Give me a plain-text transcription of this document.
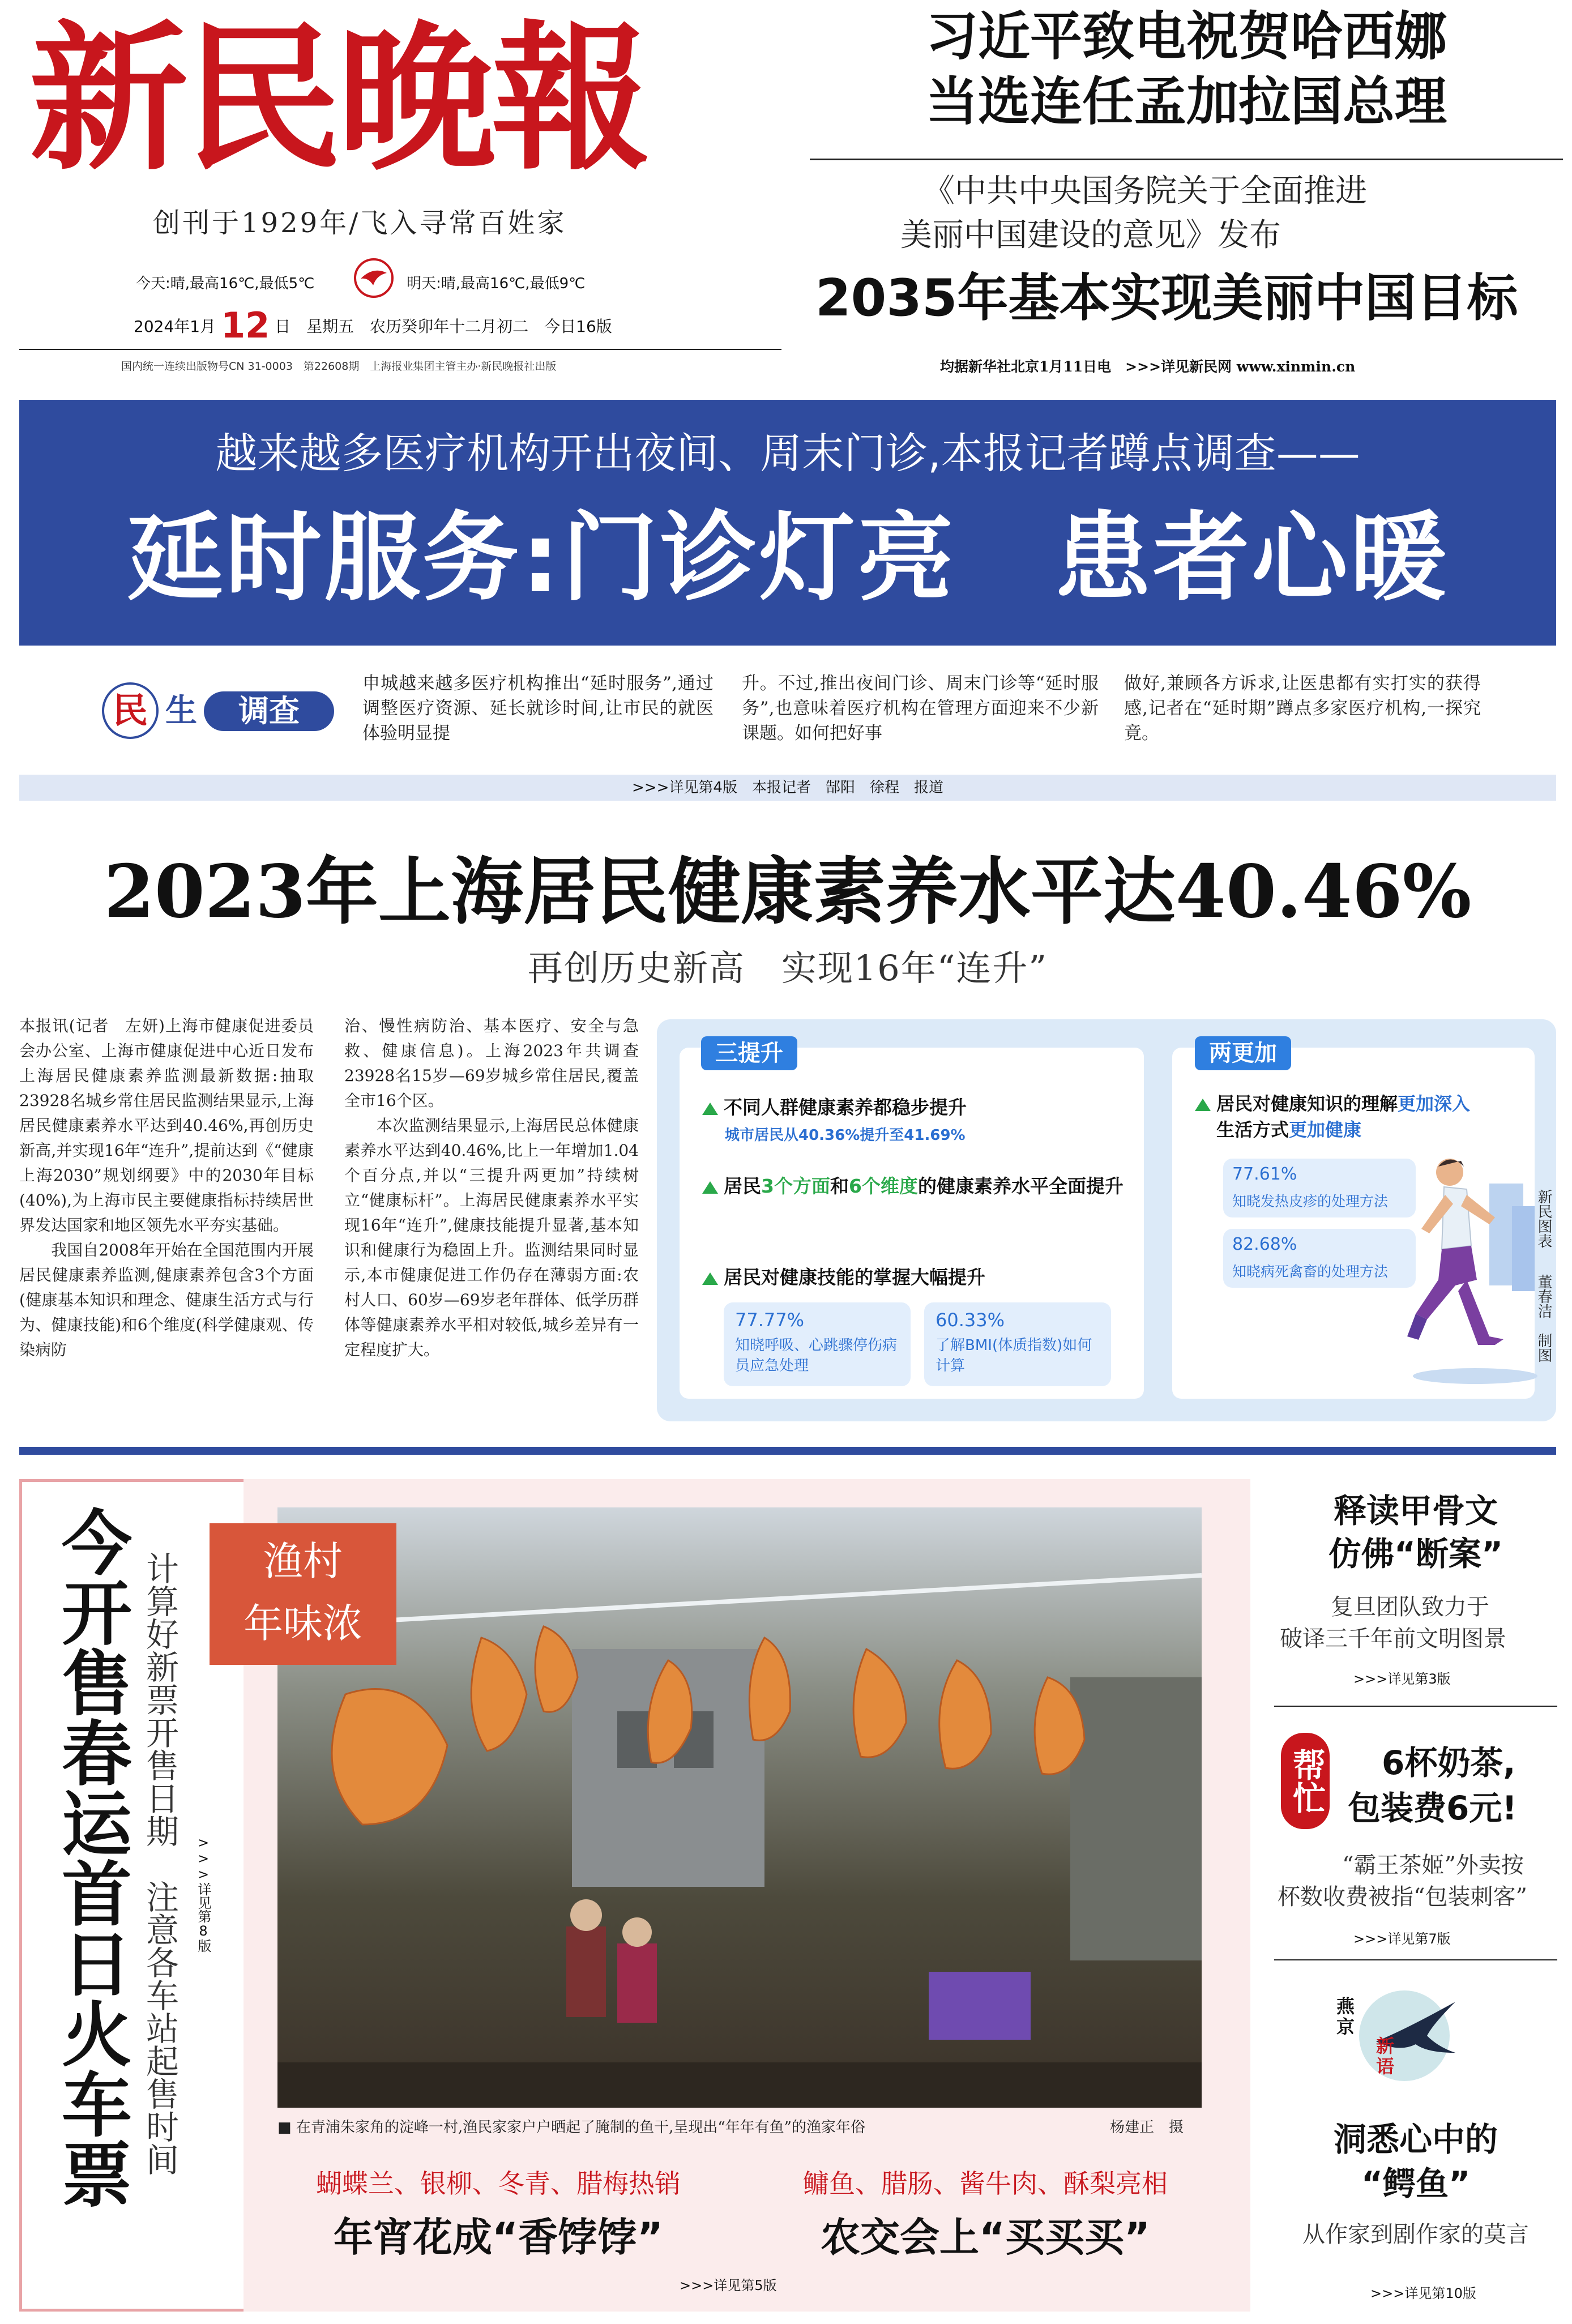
新民晚報
创刊于1929年/飞入寻常百姓家
今天:晴,最高16℃,最低5℃	明天:晴,最高16℃,最低9℃
2024年1月 12 日　星期五　农历癸卯年十二月初二　今日16版
国内统一连续出版物号CN 31-0003　第22608期　上海报业集团主管主办·新民晚报社出版
习近平致电祝贺哈西娜
当选连任孟加拉国总理
《中共中央国务院关于全面推进
美丽中国建设的意见》发布
2035年基本实现美丽中国目标
均据新华社北京1月11日电　>>>详见新民网 www.xinmin.cn
越来越多医疗机构开出夜间、周末门诊,本报记者蹲点调查——
延时服务:门诊灯亮　患者心暖
民 生	调查
申城越来越多医疗机构推出“延时服务”,通过调整医疗资源、延长就诊时间,让市民的就医体验明显提
升。不过,推出夜间门诊、周末门诊等“延时服务”,也意味着医疗机构在管理方面迎来不少新课题。如何把好事
做好,兼顾各方诉求,让医患都有实打实的获得感,记者在“延时期”蹲点多家医疗机构,一探究竟。
>>>详见第4版　本报记者　郜阳　徐程　报道
2023年上海居民健康素养水平达40.46%
再创历史新高　实现16年“连升”
本报讯(记者　左妍)上海市健康促进委员会办公室、上海市健康促进中心近日发布上海居民健康素养监测最新数据:抽取23928名城乡常住居民监测结果显示,上海居民健康素养水平达到40.46%,再创历史新高,并实现16年“连升”,提前达到《“健康上海2030”规划纲要》中的2030年目标(40%),为上海市民主要健康指标持续居世界发达国家和地区领先水平夯实基础。
　　我国自2008年开始在全国范围内开展居民健康素养监测,健康素养包含3个方面(健康基本知识和理念、健康生活方式与行为、健康技能)和6个维度(科学健康观、传染病防
治、慢性病防治、基本医疗、安全与急救、健康信息)。上海2023年共调查23928名15岁—69岁城乡常住居民,覆盖全市16个区。
　　本次监测结果显示,上海居民总体健康素养水平达到40.46%,比上一年增加1.04个百分点,并以“三提升两更加”持续树立“健康标杆”。上海居民健康素养水平实现16年“连升”,健康技能提升显著,基本知识和健康行为稳固上升。监测结果同时显示,本市健康促进工作仍存在薄弱方面:农村人口、60岁—69岁老年群体、低学历群体等健康素养水平相对较低,城乡差异有一定程度扩大。
三提升
不同人群健康素养都稳步提升
城市居民从40.36%提升至41.69%
居民3个方面和6个维度的健康素养水平全面提升
居民对健康技能的掌握大幅提升
77.77%
知晓呼吸、心跳骤停伤病员应急处理
60.33%
了解BMI(体质指数)如何计算
两更加
居民对健康知识的理解更加深入
生活方式更加健康
77.61%
知晓发热皮疹的处理方法
82.68%
知晓病死禽畜的处理方法
新民图表
董春洁　制图
今开售春运首日火车票 计算好新票开售日期　注意各车站起售时间	>>>详见第8版
渔村
年味浓
■ 在青浦朱家角的淀峰一村,渔民家家户户晒起了腌制的鱼干,呈现出“年年有鱼”的渔家年俗	杨建正　摄
蝴蝶兰、银柳、冬青、腊梅热销
年宵花成“香饽饽”
鳙鱼、腊肠、酱牛肉、酥梨亮相
农交会上“买买买”
>>>详见第5版
释读甲骨文
仿佛“断案”
复旦团队致力于
破译三千年前文明图景
>>>详见第3版
帮忙 6杯奶茶,
包装费6元!
“霸王茶姬”外卖按
杯数收费被指“包装刺客”
>>>详见第7版
燕京
新语
洞悉心中的
“鳄鱼”
从作家到剧作家的莫言
>>>详见第10版
